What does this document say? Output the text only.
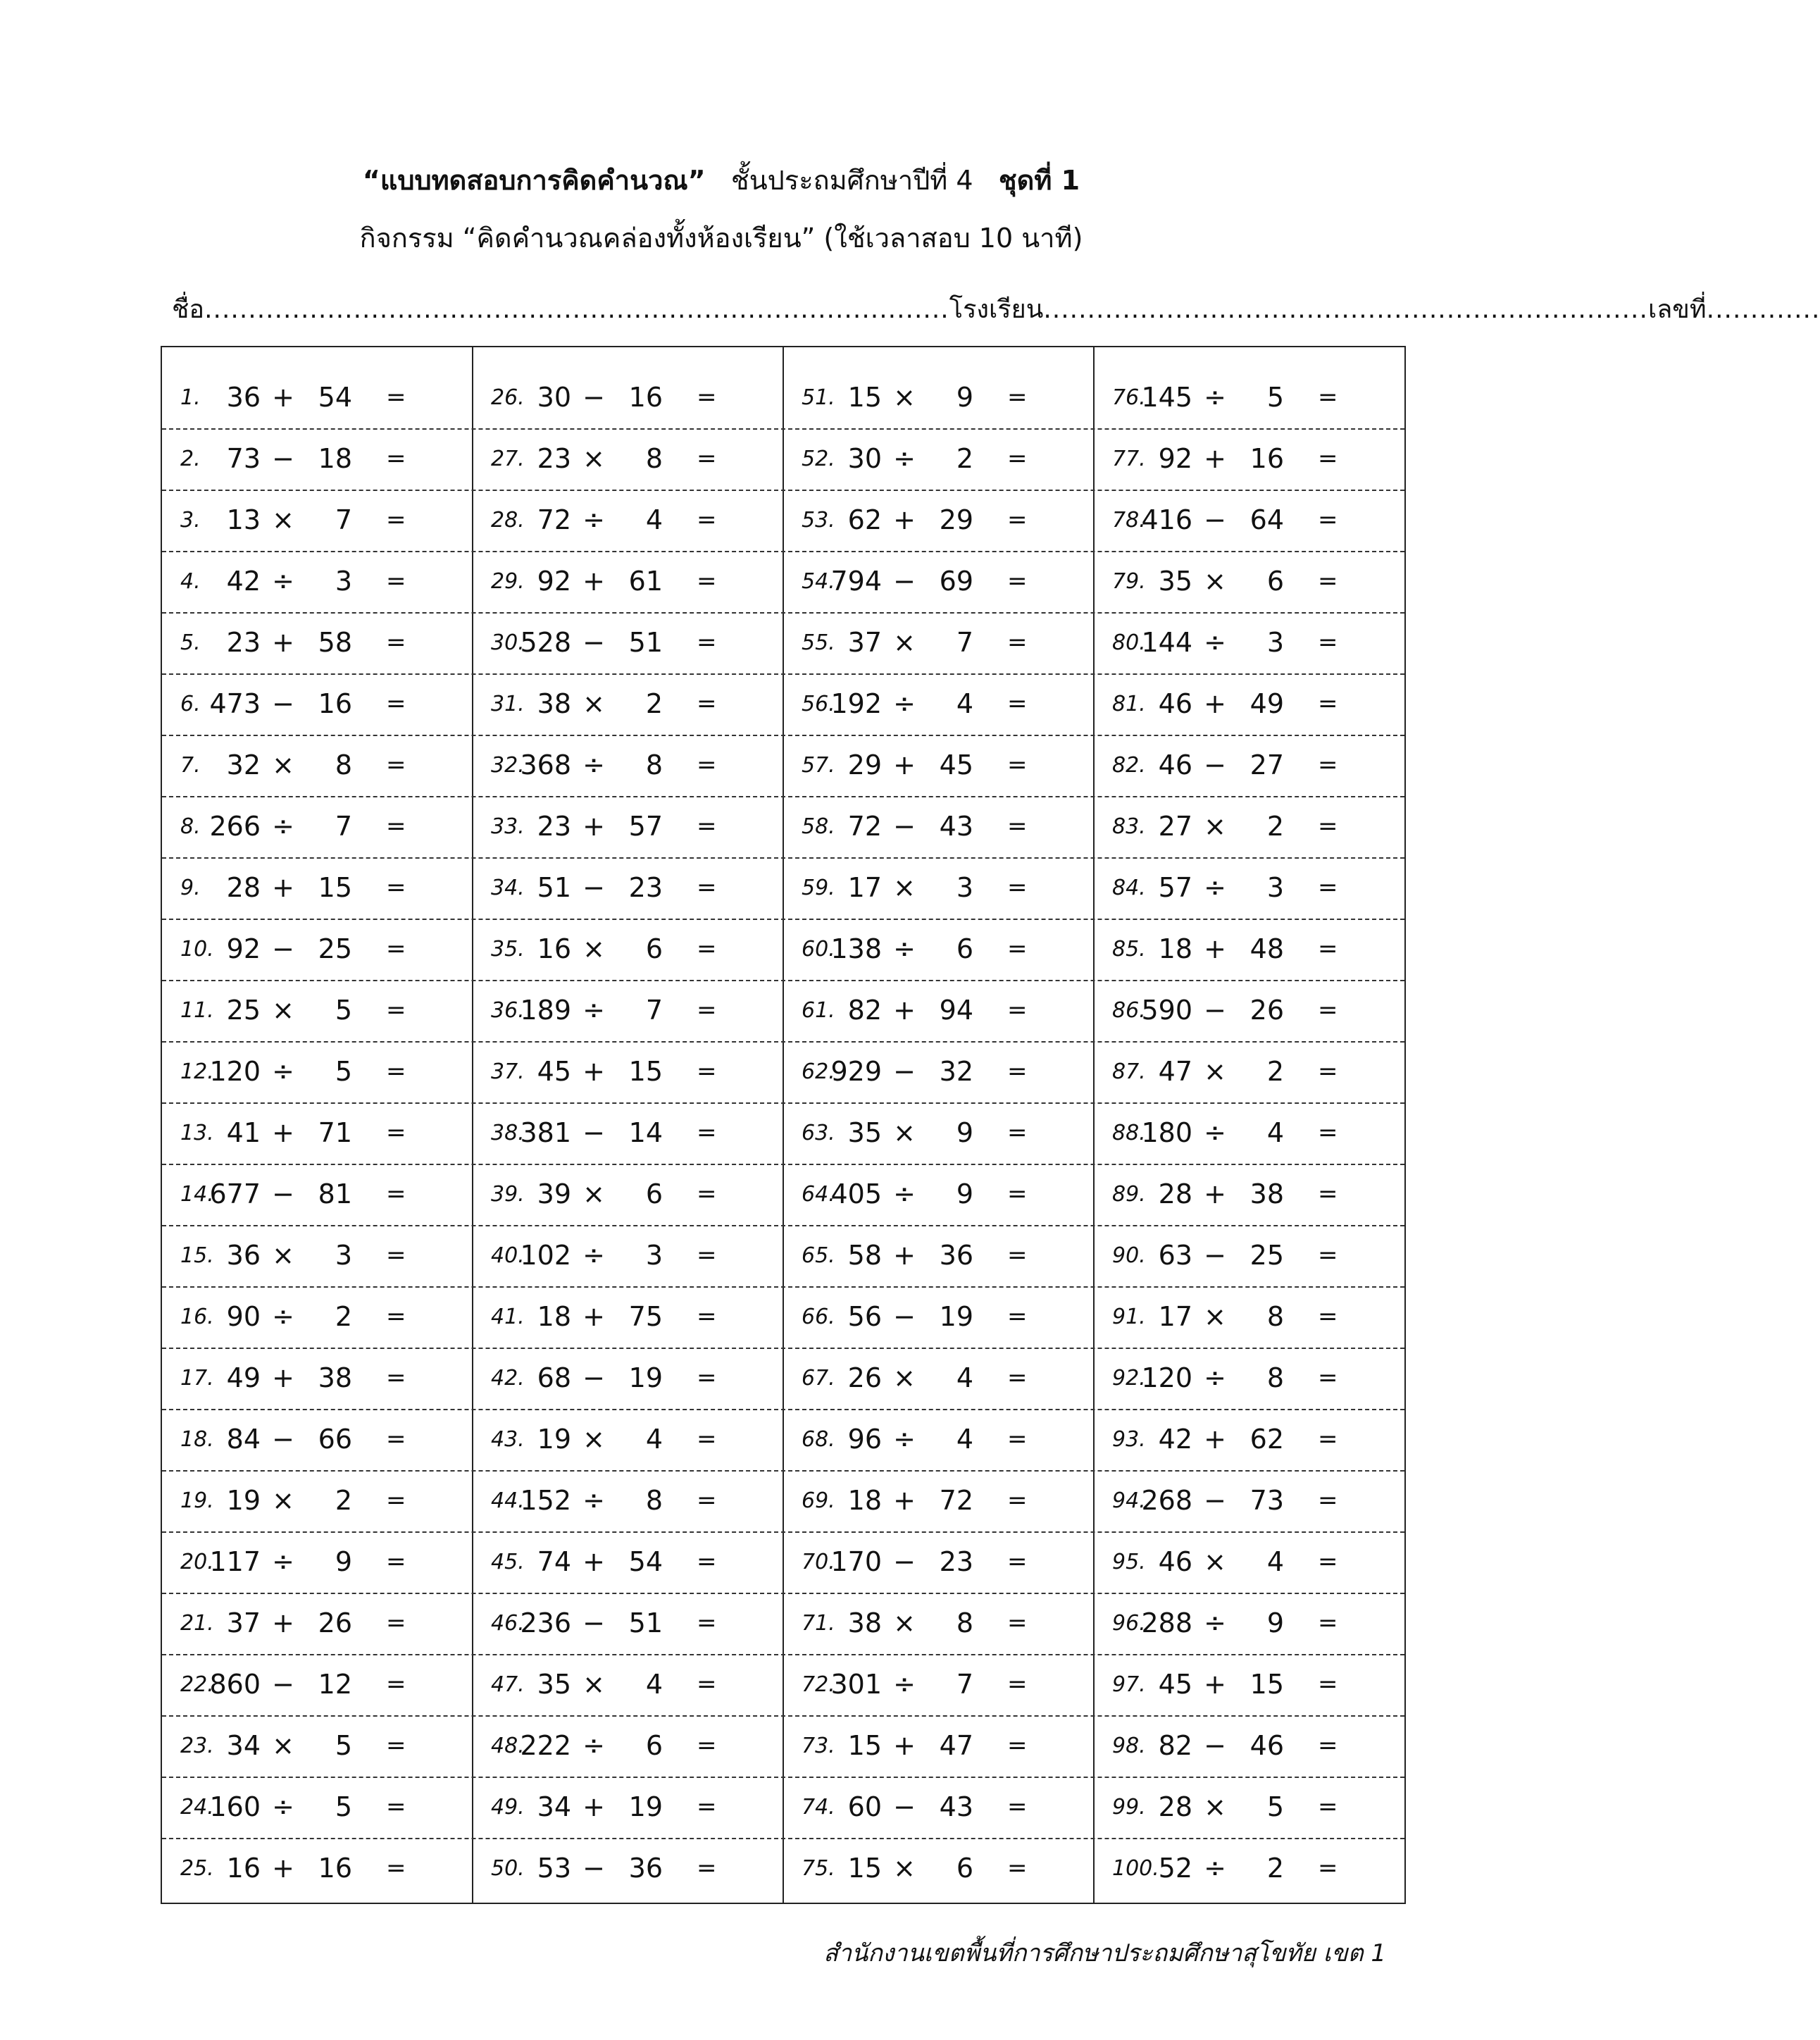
“แบบทดสอบการคิดคำนวณ” ชั้นประถมศึกษาปีที่ 4 ชุดที่ 1
กิจกรรม “คิดคำนวณคล่องทั้งห้องเรียน” (ใช้เวลาสอบ 10 นาที)
ชื่อ.....................................................................................โรงเรียน.....................................................................เลขที่.............
1. 36 + 54 =
2. 73 − 18 =
3. 13 ×	7 =
4. 42 ÷	3 =
5. 23 + 58 =
6. 473 − 16 =
7. 32 ×	8 =
8. 266 ÷	7 =
9. 28 + 15 =
10. 92 − 25 =
11. 25 ×	5 =
12.
120 ÷	5 =
13. 41 + 71 =
14.
677 − 81 =
15. 36 ×	3 =
16. 90 ÷	2 =
17. 49 + 38 =
18. 84 − 66 =
19. 19 ×	2 =
20.
117 ÷	9 =
21. 37 + 26 =
22.
860 − 12 =
23. 34 ×	5 =
24.
160 ÷	5 =
25. 16 + 16 =
26. 30 − 16 =
27. 23 ×	8 =
28. 72 ÷	4 =
29. 92 + 61 =
30.
528 − 51 =
31. 38 ×	2 =
32.
368 ÷	8 =
33. 23 + 57 =
34. 51 − 23 =
35. 16 ×	6 =
36.
189 ÷	7 =
37. 45 + 15 =
38.
381 − 14 =
39. 39 ×	6 =
40.
102 ÷	3 =
41. 18 + 75 =
42. 68 − 19 =
43. 19 ×	4 =
44.
152 ÷	8 =
45. 74 + 54 =
46.
236 − 51 =
47. 35 ×	4 =
48.
222 ÷	6 =
49. 34 + 19 =
50. 53 − 36 =
51. 15 ×	9 =
52. 30 ÷	2 =
53. 62 + 29 =
54.
794 − 69 =
55. 37 ×	7 =
56.
192 ÷	4 =
57. 29 + 45 =
58. 72 − 43 =
59. 17 ×	3 =
60.
138 ÷	6 =
61. 82 + 94 =
62.
929 − 32 =
63. 35 ×	9 =
64.
405 ÷	9 =
65. 58 + 36 =
66. 56 − 19 =
67. 26 ×	4 =
68. 96 ÷	4 =
69. 18 + 72 =
70.
170 − 23 =
71. 38 ×	8 =
72.
301 ÷	7 =
73. 15 + 47 =
74. 60 − 43 =
75. 15 ×	6 =
76.
145 ÷	5 =
77. 92 + 16 =
78.
416 − 64 =
79. 35 ×	6 =
80.
144 ÷	3 =
81. 46 + 49 =
82. 46 − 27 =
83. 27 ×	2 =
84. 57 ÷	3 =
85. 18 + 48 =
86.
590 − 26 =
87. 47 ×	2 =
88.
180 ÷	4 =
89. 28 + 38 =
90. 63 − 25 =
91. 17 ×	8 =
92.
120 ÷	8 =
93. 42 + 62 =
94.
268 − 73 =
95. 46 ×	4 =
96.
288 ÷	9 =
97. 45 + 15 =
98. 82 − 46 =
99. 28 ×	5 =
100.
52 ÷	2 =
สำนักงานเขตพื้นที่การศึกษาประถมศึกษาสุโขทัย เขต 1
